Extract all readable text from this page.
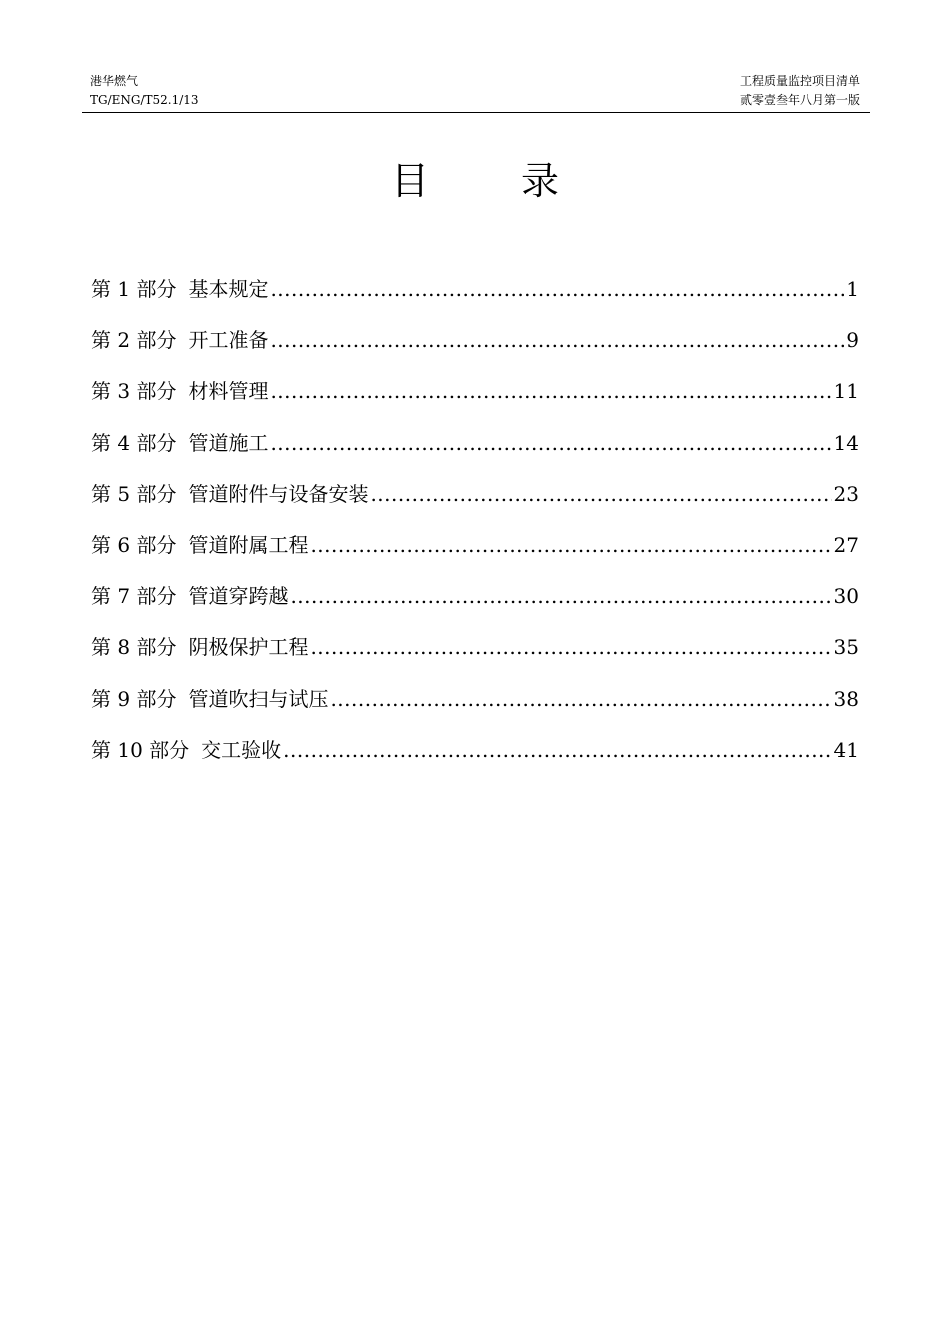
港华燃气
TG/ENG/T52.1/13
工程质量监控项目清单
贰零壹叁年八月第一版
目 录
第 1 部分 基本规定 .....	1
第 2 部分 开工准备 .....	9
第 3 部分 材料管理 .....	11
第 4 部分 管道施工 .....	14
第 5 部分 管道附件与设备安装 .....	23
第 6 部分 管道附属工程 .....	27
第 7 部分 管道穿跨越 .....	30
第 8 部分 阴极保护工程 .....	35
第 9 部分 管道吹扫与试压 .....	38
第 10 部分 交工验收 .....	41
